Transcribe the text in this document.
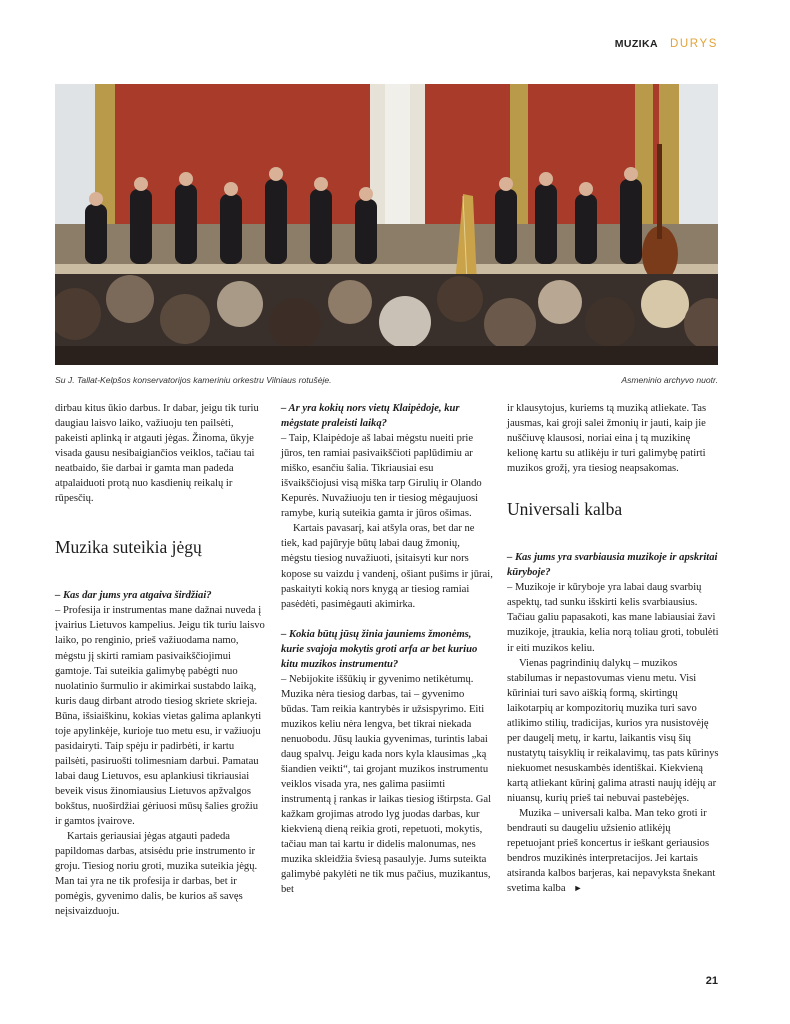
MUZIKA DURYS
Su J. Tallat-Kelpšos konservatorijos kameriniu orkestru Vilniaus rotušėje.	Asmeninio archyvo nuotr.

dirbau kitus ūkio darbus. Ir dabar, jeigu tik turiu daugiau laisvo laiko, važiuoju ten pailsėti, pakeisti aplinką ir atgauti jėgas. Žinoma, ūkyje visada gausu nesibaigiančios veiklos, tačiau tai neatbaido, šie darbai ir gamta man padeda atpalaiduoti protą nuo kasdienių reikalų ir rūpesčių.

Muzika suteikia jėgų

– Kas dar jums yra atgaiva širdžiai?

– Profesija ir instrumentas mane dažnai nuveda į įvairius Lietuvos kampelius. Jeigu tik turiu laisvo laiko, po renginio, prieš važiuodama namo, mėgstu jį skirti ramiam pasivaikščiojimui gamtoje. Tai suteikia galimybę pabėgti nuo nuolatinio šurmulio ir akimirkai sustabdo laiką, kuris daug dirbant atrodo tiesiog skriete skrieja. Būna, išsiaiškinu, kokias vietas galima aplankyti toje apylinkėje, kurioje tuo metu esu, ir važiuoju pasidairyti. Taip spėju ir padirbėti, ir kartu pailsėti, pasiruošti tolimesniam darbui. Pamatau labai daug Lietuvos, esu aplankiusi tikriausiai beveik visus žinomiausius Lietuvos apžvalgos bokštus, nuoširdžiai gėriuosi mūsų šalies grožiu ir gamtos įvairove.

Kartais geriausiai jėgas atgauti padeda papildomas darbas, atsisėdu prie instrumento ir groju. Tiesiog noriu groti, muzika suteikia jėgų. Man tai yra ne tik profesija ir darbas, bet ir pomėgis, gyvenimo dalis, be kurios aš savęs neįsivaizduoju.

– Ar yra kokių nors vietų Klaipėdoje, kur mėgstate praleisti laiką?

– Taip, Klaipėdoje aš labai mėgstu nueiti prie jūros, ten ramiai pasivaikščioti paplūdimiu ar miško, esančiu šalia. Tikriausiai esu išvaikščiojusi visą miška tarp Girulių ir Olando Kepurės. Nuvažiuoju ten ir tiesiog mėgaujuosi ramybe, kurią suteikia gamta ir jūros ošimas.

Kartais pavasarį, kai atšyla oras, bet dar ne tiek, kad pajūryje būtų labai daug žmonių, mėgstu tiesiog nuvažiuoti, įsitaisyti kur nors kopose su vaizdu į vandenį, ošiant pušims ir jūrai, paskaityti kokią nors knygą ar tiesiog ramiai pasėdėti, pasimėgauti akimirka.

– Kokia būtų jūsų žinia jauniems žmonėms, kurie svajoja mokytis groti arfa ar bet kuriuo kitu muzikos instrumentu?

– Nebijokite iššūkių ir gyvenimo netikėtumų. Muzika nėra tiesiog darbas, tai – gyvenimo būdas. Tam reikia kantrybės ir užsispyrimo. Eiti muzikos keliu nėra lengva, bet tikrai niekada nenuobodu. Jūsų laukia gyvenimas, turintis labai daug spalvų. Jeigu kada nors kyla klausimas „ką šiandien veikti“, tai grojant muzikos instrumentu veiklos visada yra, nes galima pasiimti instrumentą į rankas ir laikas tiesiog ištirpsta. Gal kažkam grojimas atrodo lyg juodas darbas, kur kiekvieną dieną reikia groti, repetuoti, mokytis, tačiau man tai kartu ir didelis malonumas, nes muzika skleidžia šviesą pasaulyje. Jums suteikta galimybė pakylėti ne tik mus pačius, muzikantus, bet

ir klausytojus, kuriems tą muziką atliekate. Tas jausmas, kai groji salei žmonių ir jauti, kaip jie nuščiuvę klausosi, noriai eina į tą muzikinę kelionę kartu su atlikėju ir turi galimybę patirti muzikos grožį, yra tiesiog neapsakomas.

Universali kalba

– Kas jums yra svarbiausia muzikoje ir apskritai kūryboje?

– Muzikoje ir kūryboje yra labai daug svarbių aspektų, tad sunku išskirti kelis svarbiausius. Tačiau galiu papasakoti, kas mane labiausiai žavi muzikoje, įtraukia, kelia norą toliau groti, tobulėti ir eiti muzikos keliu.

Vienas pagrindinių dalykų – muzikos stabilumas ir nepastovumas vienu metu. Visi kūriniai turi savo aiškią formą, skirtingų laikotarpių ar kompozitorių muzika turi savo atlikimo stilių, tradicijas, kurios yra nusistovėję per daugelį metų, ir kartu, laikantis visų šių nustatytų taisyklių ir reikalavimų, tas pats kūrinys niekuomet nesuskambės identiškai. Kiekvieną kartą atliekant kūrinį galima atrasti naujų idėjų ar niuansų, kurių prieš tai nebuvai pastebėjęs.

Muzika – universali kalba. Man teko groti ir bendrauti su daugeliu užsienio atlikėjų repetuojant prieš koncertus ir ieškant geriausios bendros muzikinės interpretacijos. Jei kartais atsiranda kalbos barjeras, kai nepavyksta šnekant svetima kalba ►

21
